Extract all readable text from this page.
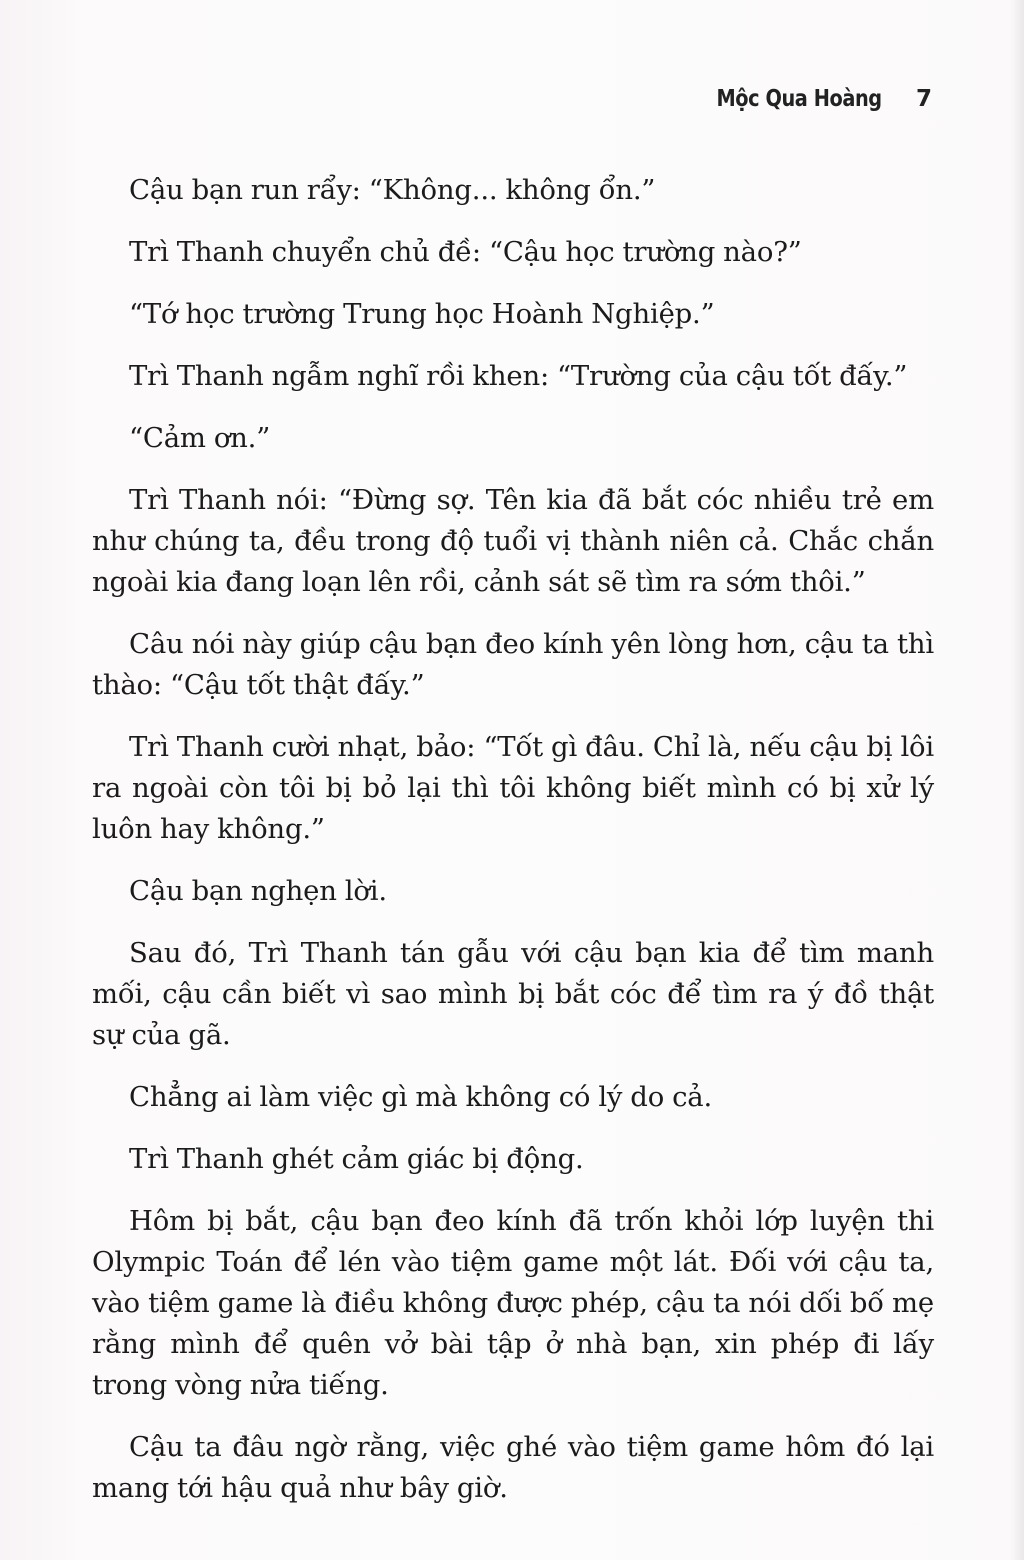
Mộc Qua Hoàng 7

Cậu bạn run rẩy: “Không... không ổn.”

Trì Thanh chuyển chủ đề: “Cậu học trường nào?”

“Tớ học trường Trung học Hoành Nghiệp.”

Trì Thanh ngẫm nghĩ rồi khen: “Trường của cậu tốt đấy.”

“Cảm ơn.”

Trì Thanh nói: “Đừng sợ. Tên kia đã bắt cóc nhiều trẻ em như chúng ta, đều trong độ tuổi vị thành niên cả. Chắc chắn ngoài kia đang loạn lên rồi, cảnh sát sẽ tìm ra sớm thôi.”

Câu nói này giúp cậu bạn đeo kính yên lòng hơn, cậu ta thì thào: “Cậu tốt thật đấy.”

Trì Thanh cười nhạt, bảo: “Tốt gì đâu. Chỉ là, nếu cậu bị lôi ra ngoài còn tôi bị bỏ lại thì tôi không biết mình có bị xử lý luôn hay không.”

Cậu bạn nghẹn lời.

Sau đó, Trì Thanh tán gẫu với cậu bạn kia để tìm manh mối, cậu cần biết vì sao mình bị bắt cóc để tìm ra ý đồ thật sự của gã.

Chẳng ai làm việc gì mà không có lý do cả.

Trì Thanh ghét cảm giác bị động.

Hôm bị bắt, cậu bạn đeo kính đã trốn khỏi lớp luyện thi Olympic Toán để lén vào tiệm game một lát. Đối với cậu ta, vào tiệm game là điều không được phép, cậu ta nói dối bố mẹ rằng mình để quên vở bài tập ở nhà bạn, xin phép đi lấy trong vòng nửa tiếng.

Cậu ta đâu ngờ rằng, việc ghé vào tiệm game hôm đó lại mang tới hậu quả như bây giờ.
